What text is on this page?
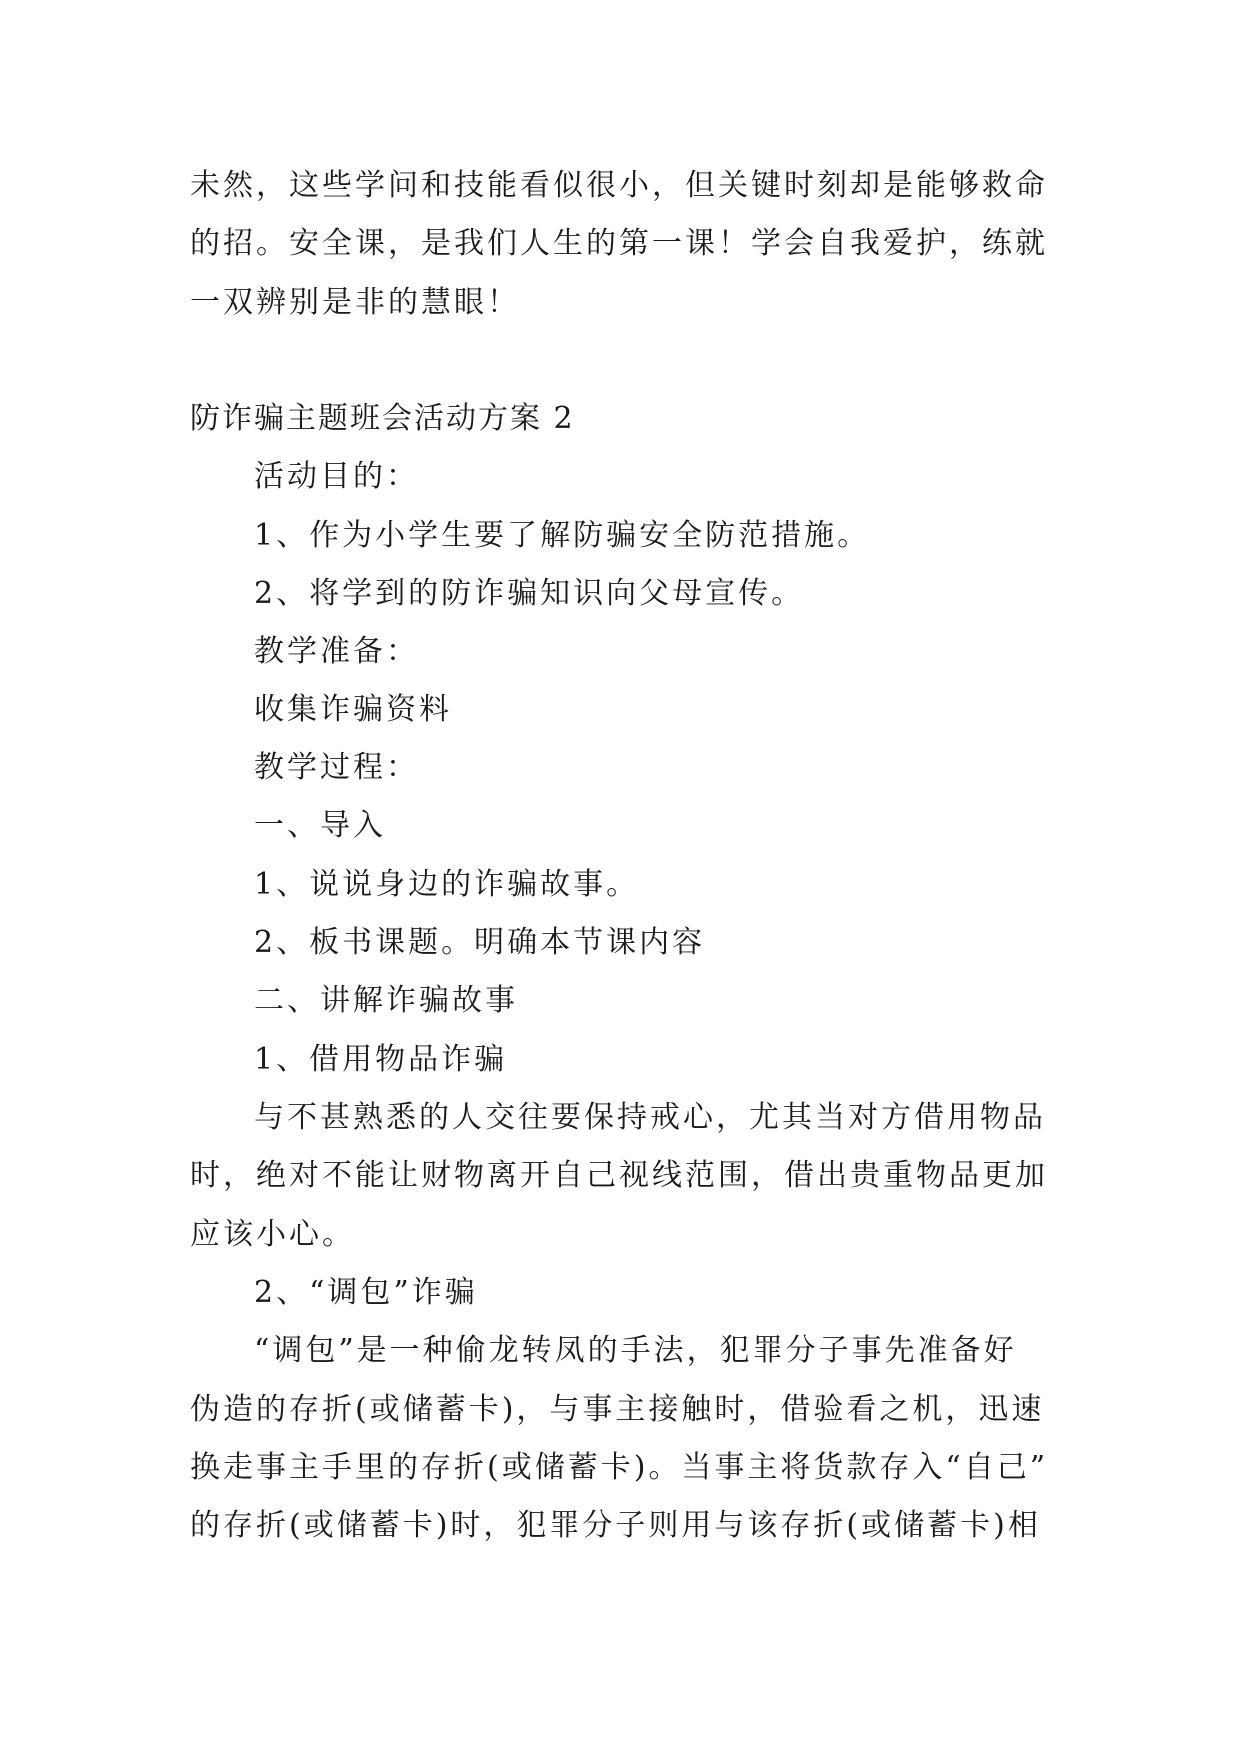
未然，这些学问和技能看似很小，但关键时刻却是能够救命
的招。安全课，是我们人生的第一课！学会自我爱护，练就
一双辨别是非的慧眼！
防诈骗主题班会活动方案 2
活动目的：
1、作为小学生要了解防骗安全防范措施。
2、将学到的防诈骗知识向父母宣传。
教学准备：
收集诈骗资料
教学过程：
一、导入
1、说说身边的诈骗故事。
2、板书课题。明确本节课内容
二、讲解诈骗故事
1、借用物品诈骗
与不甚熟悉的人交往要保持戒心，尤其当对方借用物品
时，绝对不能让财物离开自己视线范围，借出贵重物品更加
应该小心。
2、“调包”诈骗
“调包”是一种偷龙转凤的手法，犯罪分子事先准备好
伪造的存折(或储蓄卡)，与事主接触时，借验看之机，迅速
换走事主手里的存折(或储蓄卡)。当事主将货款存入“自己”
的存折(或储蓄卡)时，犯罪分子则用与该存折(或储蓄卡)相
